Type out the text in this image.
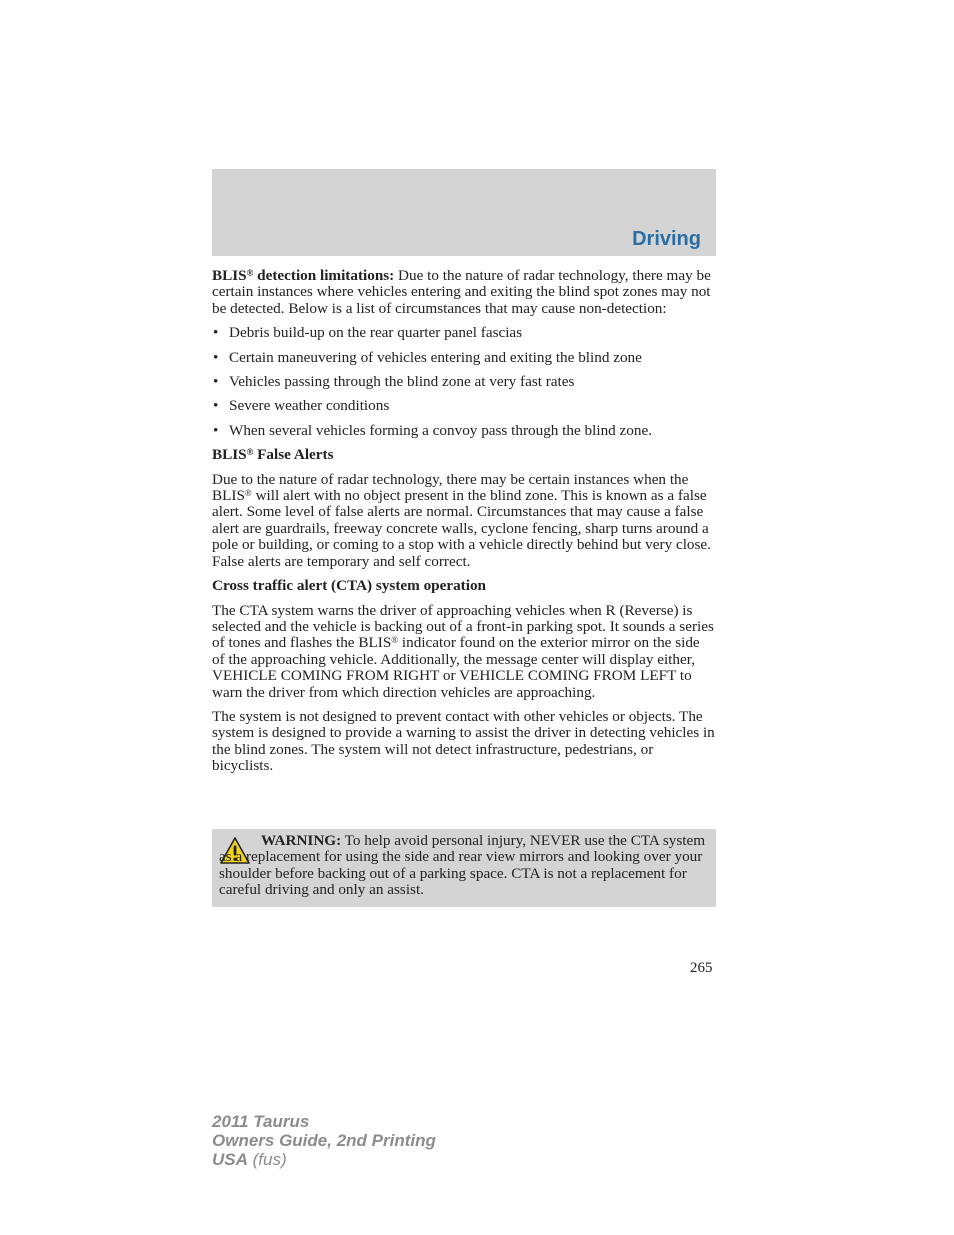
Driving

BLIS® detection limitations: Due to the nature of radar technology, there may be certain instances where vehicles entering and exiting the blind spot zones may not be detected. Below is a list of circumstances that may cause non-detection:

• Debris build-up on the rear quarter panel fascias
• Certain maneuvering of vehicles entering and exiting the blind zone
• Vehicles passing through the blind zone at very fast rates
• Severe weather conditions
• When several vehicles forming a convoy pass through the blind zone.

BLIS® False Alerts

Due to the nature of radar technology, there may be certain instances when the BLIS® will alert with no object present in the blind zone. This is known as a false alert. Some level of false alerts are normal. Circumstances that may cause a false alert are guardrails, freeway concrete walls, cyclone fencing, sharp turns around a pole or building, or coming to a stop with a vehicle directly behind but very close. False alerts are temporary and self correct.

Cross traffic alert (CTA) system operation

The CTA system warns the driver of approaching vehicles when R (Reverse) is selected and the vehicle is backing out of a front-in parking spot. It sounds a series of tones and flashes the BLIS® indicator found on the exterior mirror on the side of the approaching vehicle. Additionally, the message center will display either, VEHICLE COMING FROM RIGHT or VEHICLE COMING FROM LEFT to warn the driver from which direction vehicles are approaching.

The system is not designed to prevent contact with other vehicles or objects. The system is designed to provide a warning to assist the driver in detecting vehicles in the blind zones. The system will not detect infrastructure, pedestrians, or bicyclists.

WARNING: To help avoid personal injury, NEVER use the CTA system as a replacement for using the side and rear view mirrors and looking over your shoulder before backing out of a parking space. CTA is not a replacement for careful driving and only an assist.
265
2011 Taurus
Owners Guide, 2nd Printing
USA (fus)
